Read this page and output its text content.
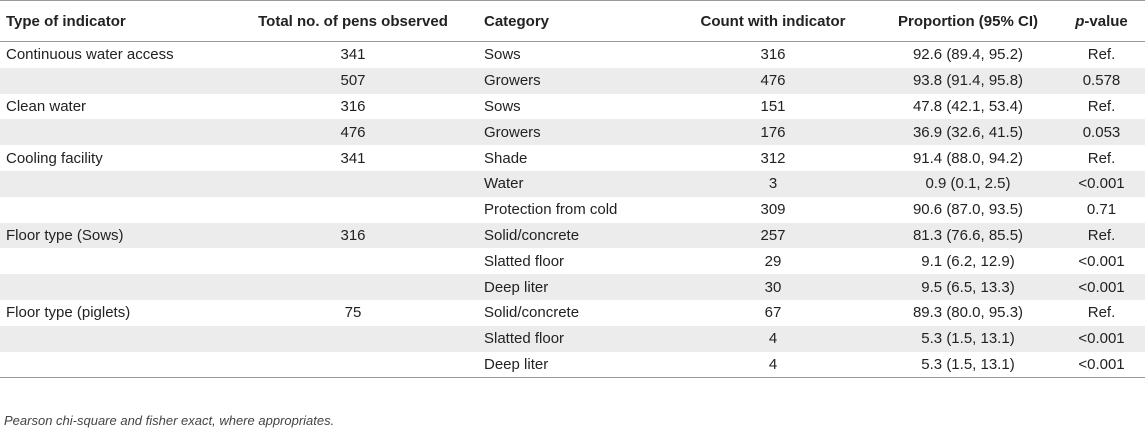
Type of indicator	Total no. of pens observed	Category	Count with indicator	Proportion (95% CI)	p-value
Continuous water access	341	Sows	316	92.6 (89.4, 95.2)	Ref.
	507	Growers	476	93.8 (91.4, 95.8)	0.578
Clean water	316	Sows	151	47.8 (42.1, 53.4)	Ref.
	476	Growers	176	36.9 (32.6, 41.5)	0.053
Cooling facility	341	Shade	312	91.4 (88.0, 94.2)	Ref.
		Water	3	0.9 (0.1, 2.5)	<0.001
		Protection from cold	309	90.6 (87.0, 93.5)	0.71
Floor type (Sows)	316	Solid/concrete	257	81.3 (76.6, 85.5)	Ref.
		Slatted floor	29	9.1 (6.2, 12.9)	<0.001
		Deep liter	30	9.5 (6.5, 13.3)	<0.001
Floor type (piglets)	75	Solid/concrete	67	89.3 (80.0, 95.3)	Ref.
		Slatted floor	4	5.3 (1.5, 13.1)	<0.001
		Deep liter	4	5.3 (1.5, 13.1)	<0.001
Pearson chi-square and fisher exact, where appropriates.
